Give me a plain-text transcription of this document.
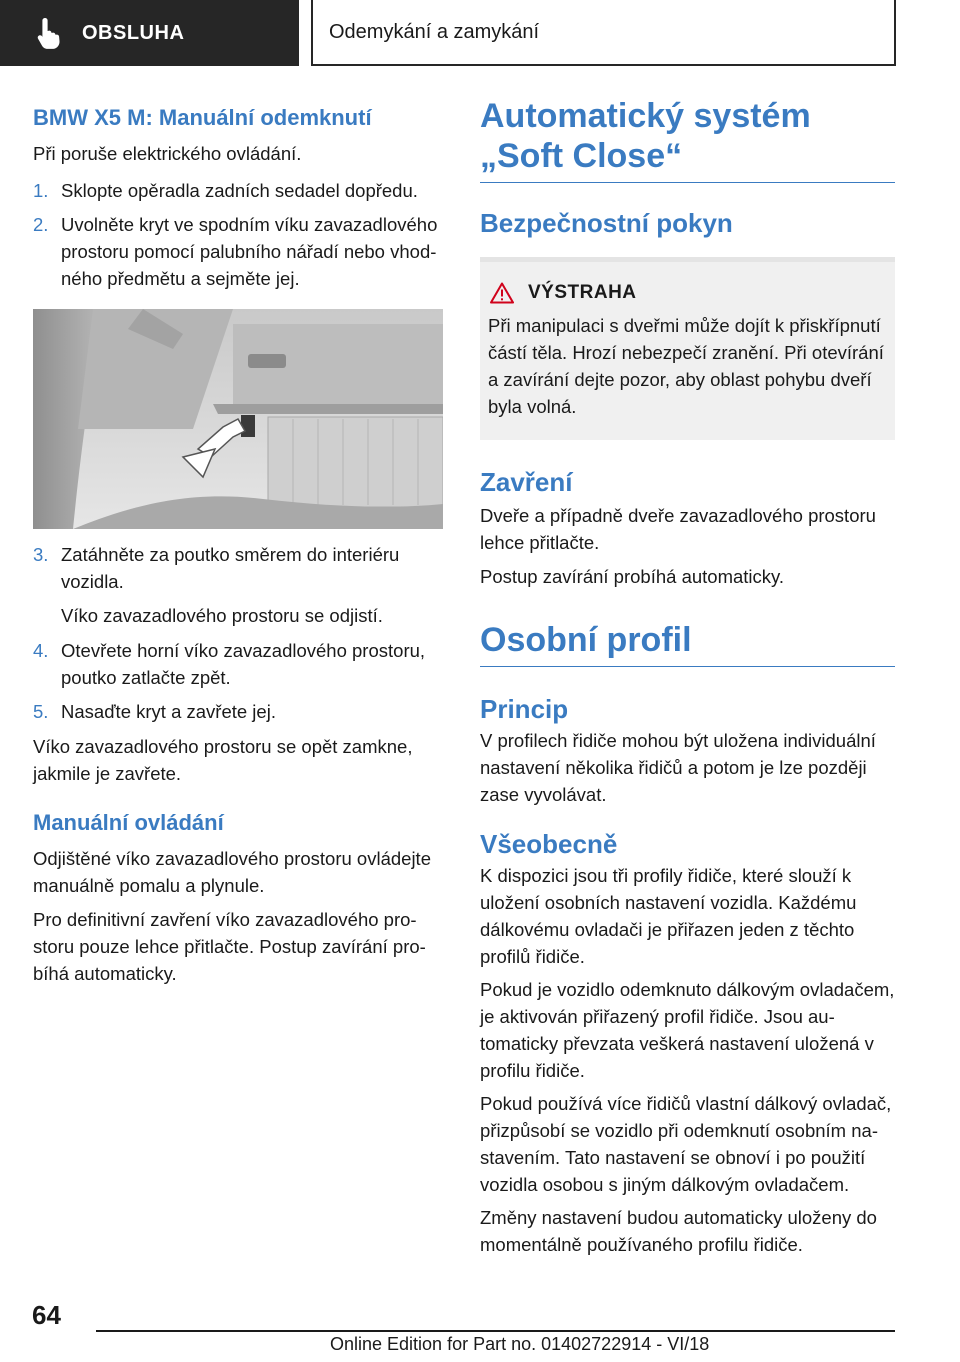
OBSLUHA	Odemykání a zamykání
BMW X5 M: Manuální odemknutí

Při poruše elektrického ovládání.

1. Sklopte opěradla zadních sedadel dopředu.
2. Uvolněte kryt ve spodním víku zavazadlového prostoru pomocí palubního nářadí nebo vhodného předmětu a sejměte jej.
3. Zatáhněte za poutko směrem do interiéru vozidla.

Víko zavazadlového prostoru se odjistí.

4. Otevřete horní víko zavazadlového prostoru, poutko zatlačte zpět.
5. Nasaďte kryt a zavřete jej.

Víko zavazadlového prostoru se opět zamkne, jakmile je zavřete.

Manuální ovládání

Odjištěné víko zavazadlového prostoru ovládejte manuálně pomalu a plynule.

Pro definitivní zavření víko zavazadlového prostoru pouze lehce přitlačte. Postup zavírání probíhá automaticky.

Automatický systém „Soft Close“
Bezpečnostní pokyn
VÝSTRAHA

Při manipulaci s dveřmi může dojít k přiskřípnutí částí těla. Hrozí nebezpečí zranění. Při otevírání a zavírání dejte pozor, aby oblast pohybu dveří byla volná.

Zavření

Dveře a případně dveře zavazadlového prostoru lehce přitlačte.

Postup zavírání probíhá automaticky.

Osobní profil
Princip

V profilech řidiče mohou být uložena individuální nastavení několika řidičů a potom je lze později zase vyvolávat.

Všeobecně

K dispozici jsou tři profily řidiče, které slouží k uložení osobních nastavení vozidla. Každému dálkovému ovladači je přiřazen jeden z těchto profilů řidiče.

Pokud je vozidlo odemknuto dálkovým ovladačem, je aktivován přiřazený profil řidiče. Jsou automaticky převzata veškerá nastavení uložená v profilu řidiče.

Pokud používá více řidičů vlastní dálkový ovladač, přizpůsobí se vozidlo při odemknutí osobním nastavením. Tato nastavení se obnoví i po použití vozidla osobou s jiným dálkovým ovladačem.

Změny nastavení budou automaticky uloženy do momentálně používaného profilu řidiče.

64
Online Edition for Part no. 01402722914 - VI/18
